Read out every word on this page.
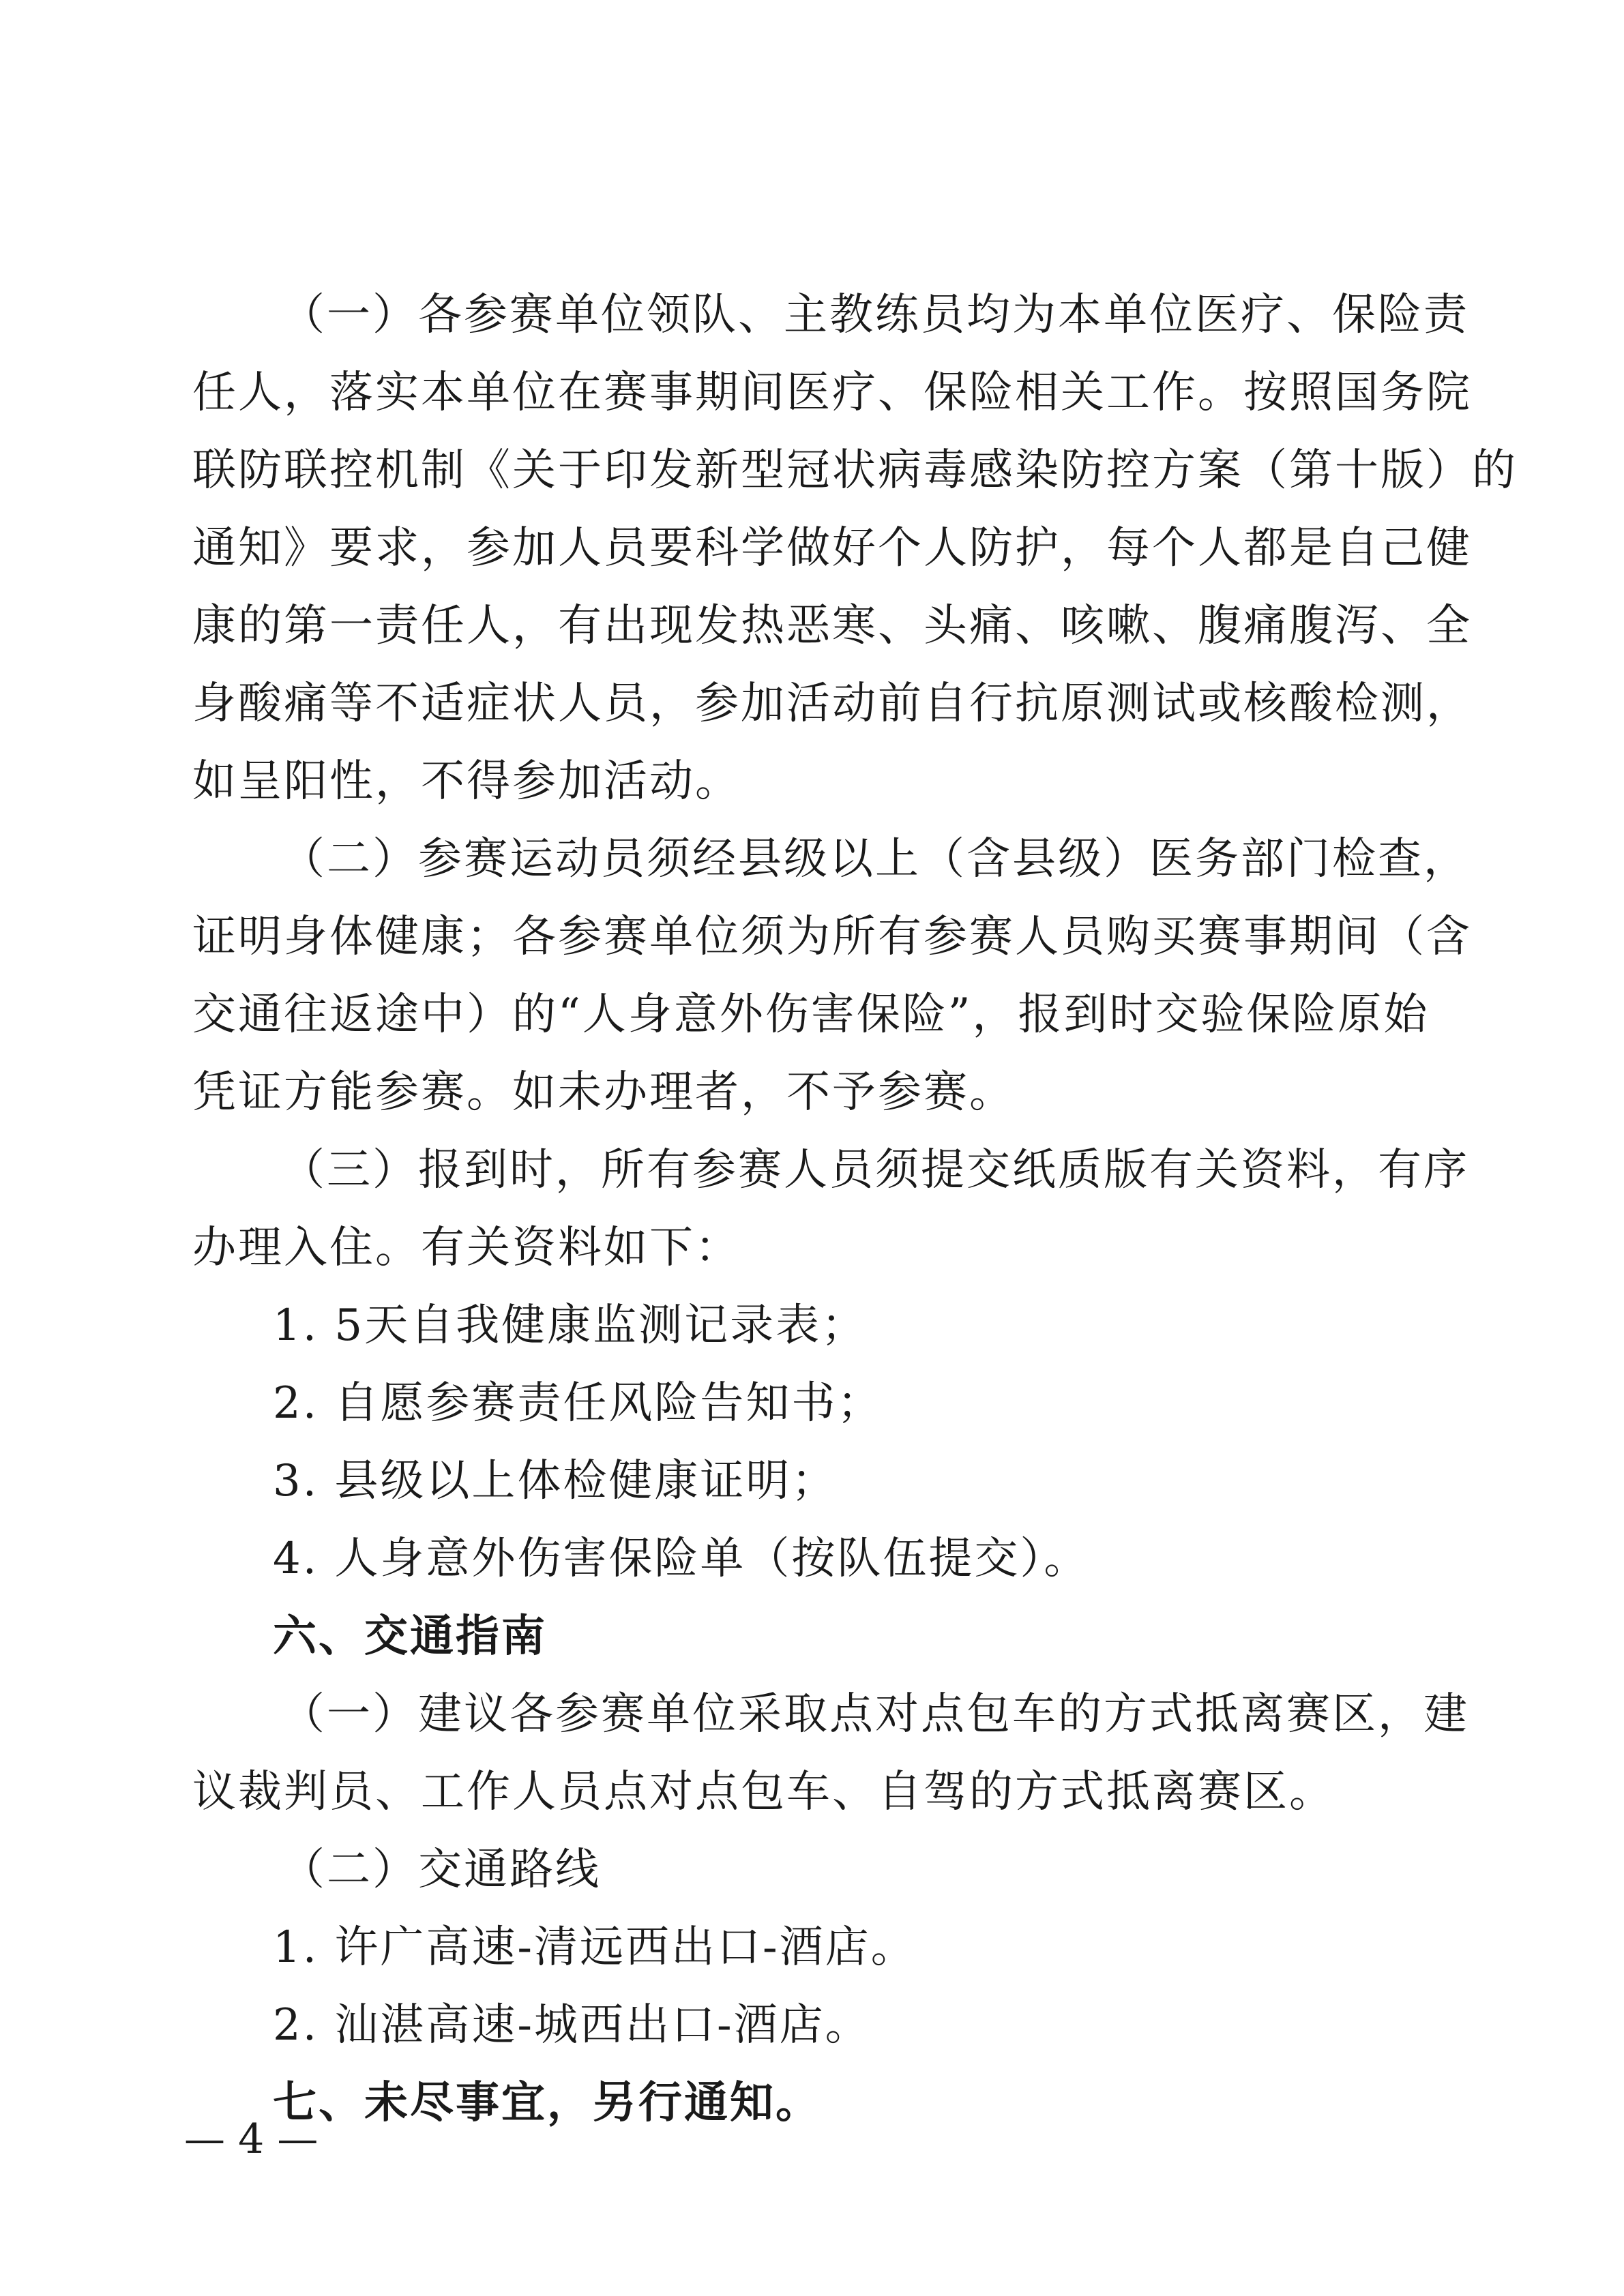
（一）各参赛单位领队、主教练员均为本单位医疗、保险责
任人，落实本单位在赛事期间医疗、保险相关工作。按照国务院
联防联控机制《关于印发新型冠状病毒感染防控方案（第十版）的
通知》要求，参加人员要科学做好个人防护，每个人都是自己健
康的第一责任人，有出现发热恶寒、头痛、咳嗽、腹痛腹泻、全
身酸痛等不适症状人员，参加活动前自行抗原测试或核酸检测，
如呈阳性，不得参加活动。
（二）参赛运动员须经县级以上（含县级）医务部门检查，
证明身体健康；各参赛单位须为所有参赛人员购买赛事期间（含
交通往返途中）的“人身意外伤害保险”，报到时交验保险原始
凭证方能参赛。如未办理者，不予参赛。
（三）报到时，所有参赛人员须提交纸质版有关资料，有序
办理入住。有关资料如下：
1. 5天自我健康监测记录表；
2. 自愿参赛责任风险告知书；
3. 县级以上体检健康证明；
4. 人身意外伤害保险单（按队伍提交）。
六、交通指南
（一）建议各参赛单位采取点对点包车的方式抵离赛区，建
议裁判员、工作人员点对点包车、自驾的方式抵离赛区。
（二）交通路线
1. 许广高速-清远西出口-酒店。
2. 汕湛高速-城西出口-酒店。
七、未尽事宜，另行通知。
— 4 —
